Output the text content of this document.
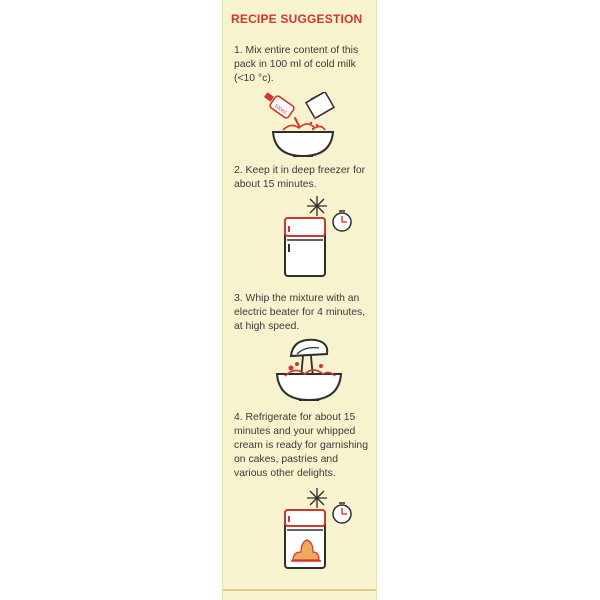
RECIPE SUGGESTION

1. Mix entire content of this pack in 100 ml of cold milk (<10 °c).

100ml

2. Keep it in deep freezer for about 15 minutes.

3. Whip the mixture with an electric beater for 4 minutes, at high speed.

4. Refrigerate for about 15 minutes and your whipped cream is ready for garnishing on cakes, pastries and various other delights.
